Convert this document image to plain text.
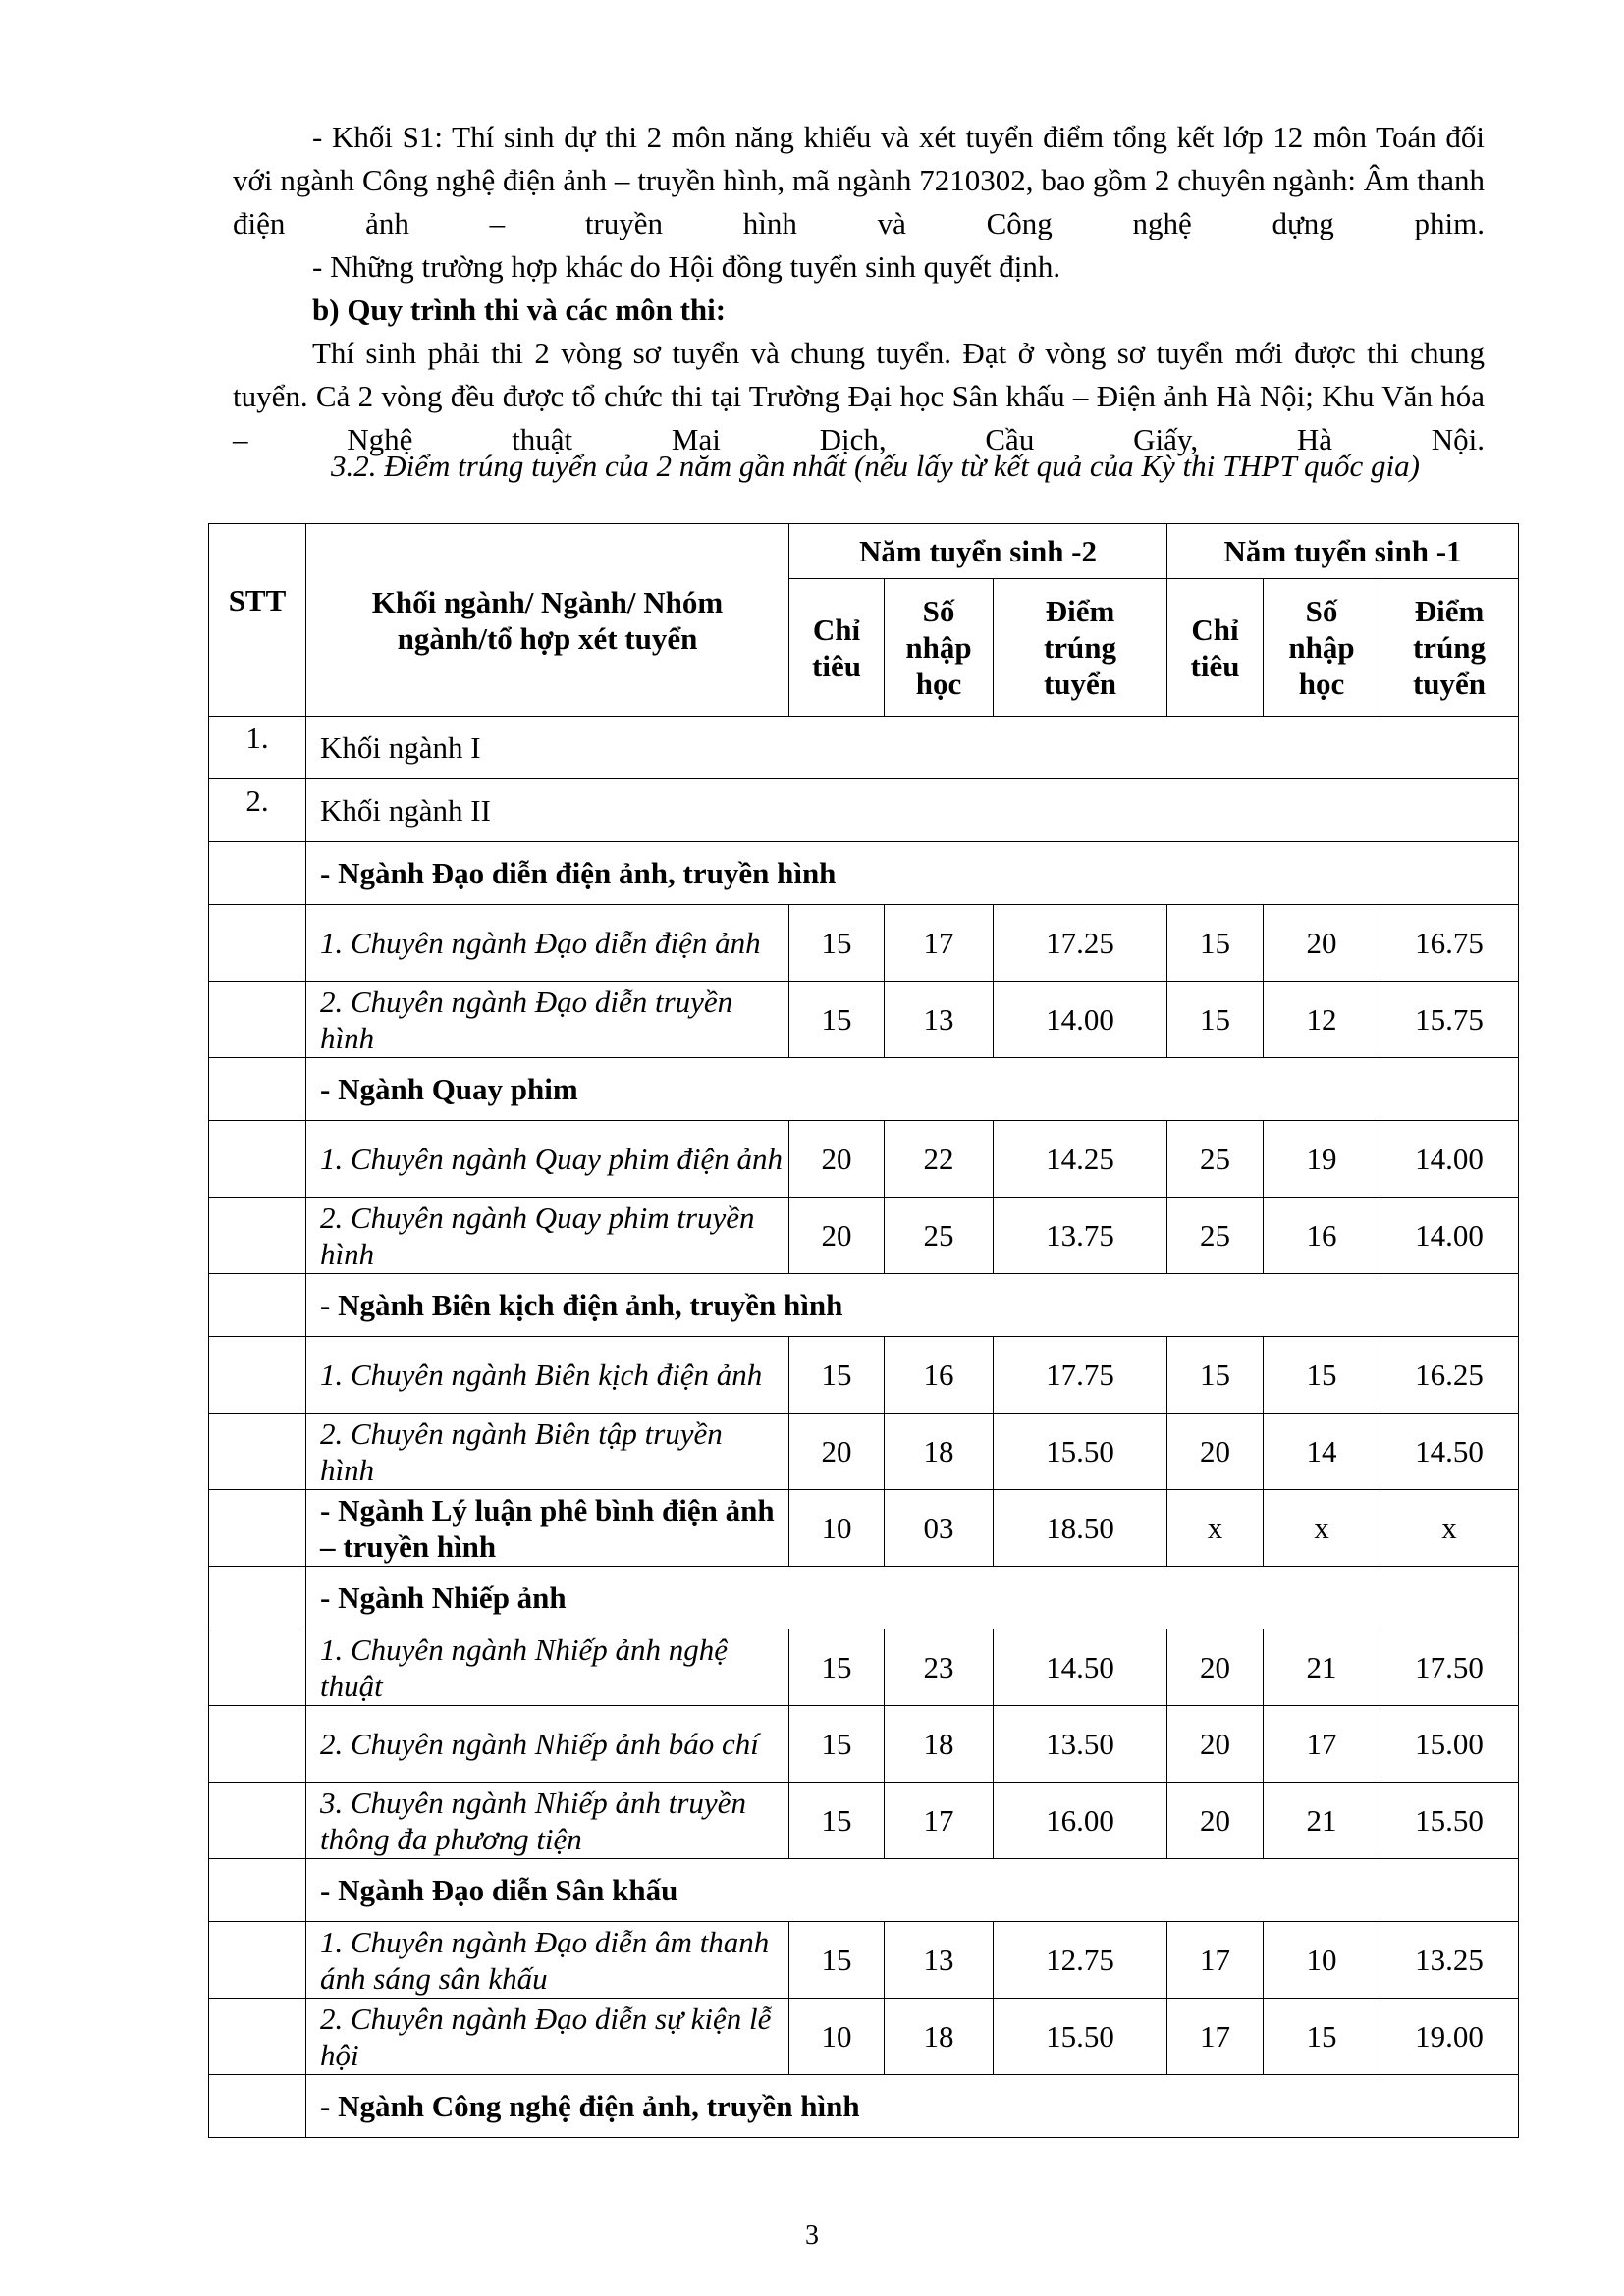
- Khối S1: Thí sinh dự thi 2 môn năng khiếu và xét tuyển điểm tổng kết lớp 12 môn Toán đối với ngành Công nghệ điện ảnh – truyền hình, mã ngành 7210302, bao gồm 2 chuyên ngành: Âm thanh điện ảnh – truyền hình và Công nghệ dựng phim.

- Những trường hợp khác do Hội đồng tuyển sinh quyết định.

b) Quy trình thi và các môn thi:

Thí sinh phải thi 2 vòng sơ tuyển và chung tuyển. Đạt ở vòng sơ tuyển mới được thi chung tuyển. Cả 2 vòng đều được tổ chức thi tại Trường Đại học Sân khấu – Điện ảnh Hà Nội; Khu Văn hóa – Nghệ thuật Mai Dịch, Cầu Giấy, Hà Nội.

3.2. Điểm trúng tuyển của 2 năm gần nhất (nếu lấy từ kết quả của Kỳ thi THPT quốc gia)

STT	Khối ngành/ Ngành/ Nhóm ngành/tổ hợp xét tuyển	Năm tuyển sinh -2			Năm tuyển sinh -1		
		Chỉ tiêu	Số nhập học	Điểm trúng tuyển	Chỉ tiêu	Số nhập học	Điểm trúng tuyển
1.	Khối ngành I						
2.	Khối ngành II						
	- Ngành Đạo diễn điện ảnh, truyền hình						
	1. Chuyên ngành Đạo diễn điện ảnh	15	17	17.25	15	20	16.75
	2. Chuyên ngành Đạo diễn truyền hình	15	13	14.00	15	12	15.75
	- Ngành Quay phim						
	1. Chuyên ngành Quay phim điện ảnh	20	22	14.25	25	19	14.00
	2. Chuyên ngành Quay phim truyền hình	20	25	13.75	25	16	14.00
	- Ngành Biên kịch điện ảnh, truyền hình						
	1. Chuyên ngành Biên kịch điện ảnh	15	16	17.75	15	15	16.25
	2. Chuyên ngành Biên tập truyền hình	20	18	15.50	20	14	14.50
	- Ngành Lý luận phê bình điện ảnh – truyền hình	10	03	18.50	x	x	x
	- Ngành Nhiếp ảnh						
	1. Chuyên ngành Nhiếp ảnh nghệ thuật	15	23	14.50	20	21	17.50
	2. Chuyên ngành Nhiếp ảnh báo chí	15	18	13.50	20	17	15.00
	3. Chuyên ngành Nhiếp ảnh truyền thông đa phương tiện	15	17	16.00	20	21	15.50
	- Ngành Đạo diễn Sân khấu						
	1. Chuyên ngành Đạo diễn âm thanh ánh sáng sân khấu	15	13	12.75	17	10	13.25
	2. Chuyên ngành Đạo diễn sự kiện lễ hội	10	18	15.50	17	15	19.00
	- Ngành Công nghệ điện ảnh, truyền hình						
3
